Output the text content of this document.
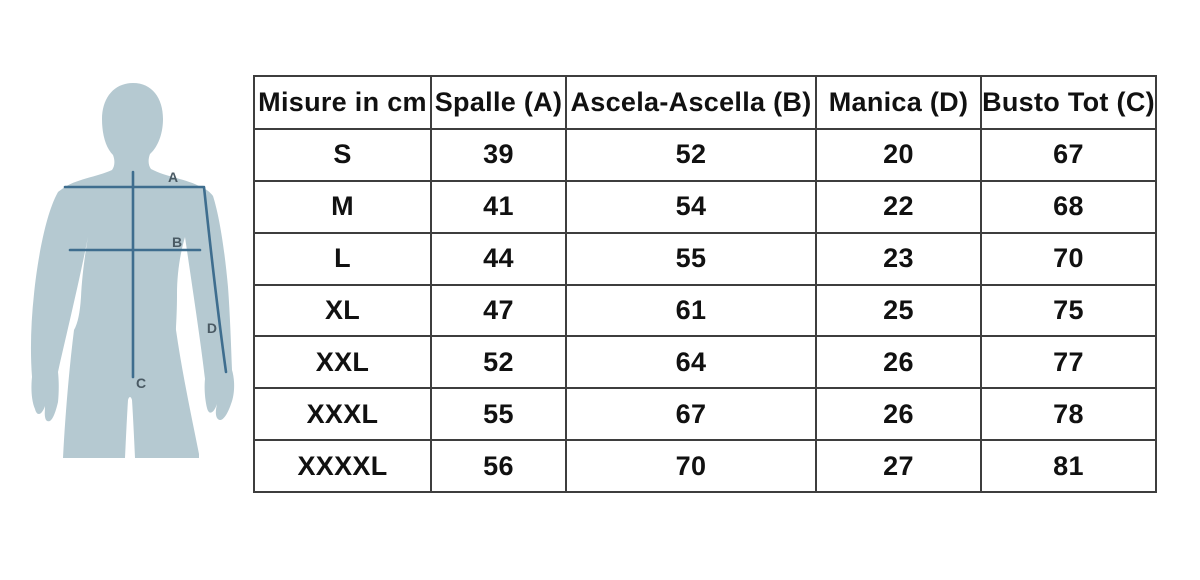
A
B
C
D
Misure in cm	Spalle (A)	Ascela-Ascella (B)	Manica (D)	Busto Tot (C)
S	39	52	20	67
M	41	54	22	68
L	44	55	23	70
XL	47	61	25	75
XXL	52	64	26	77
XXXL	55	67	26	78
XXXXL	56	70	27	81
